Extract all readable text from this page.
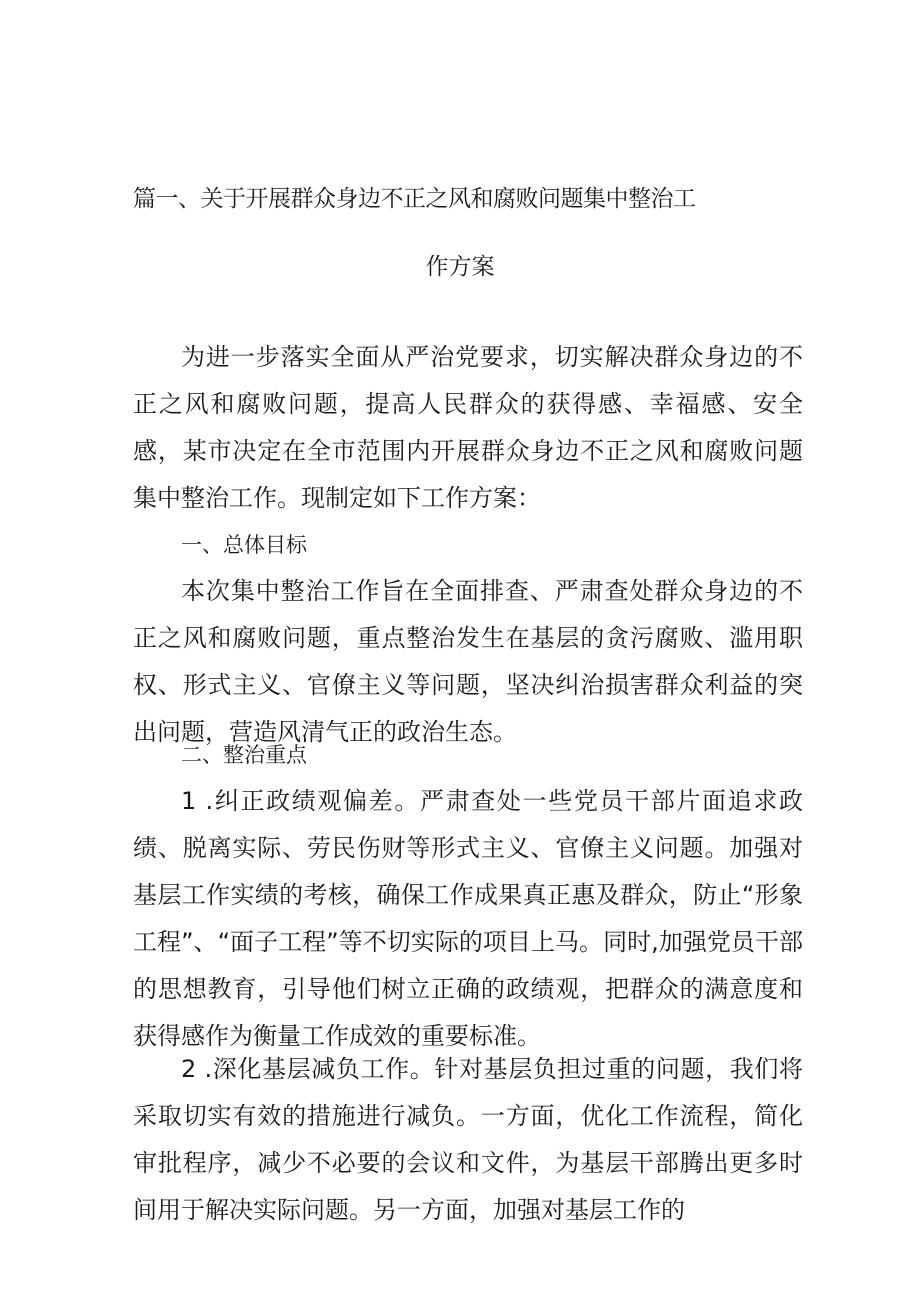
篇一、关于开展群众身边不正之风和腐败问题集中整治工
作方案

为进一步落实全面从严治党要求，切实解决群众身边的不正之风和腐败问题，提高人民群众的获得感、幸福感、安全感，某市决定在全市范围内开展群众身边不正之风和腐败问题集中整治工作。现制定如下工作方案：

一、总体目标

本次集中整治工作旨在全面排查、严肃查处群众身边的不正之风和腐败问题，重点整治发生在基层的贪污腐败、滥用职权、形式主义、官僚主义等问题，坚决纠治损害群众利益的突出问题，营造风清气正的政治生态。

二、整治重点

1 .纠正政绩观偏差。严肃查处一些党员干部片面追求政绩、脱离实际、劳民伤财等形式主义、官僚主义问题。加强对基层工作实绩的考核，确保工作成果真正惠及群众，防止“形象工程”、“面子工程”等不切实际的项目上马。同时,加强党员干部的思想教育，引导他们树立正确的政绩观，把群众的满意度和获得感作为衡量工作成效的重要标准。

2 .深化基层减负工作。针对基层负担过重的问题，我们将采取切实有效的措施进行减负。一方面，优化工作流程，简化审批程序，减少不必要的会议和文件，为基层干部腾出更多时间用于解决实际问题。另一方面，加强对基层工作的
